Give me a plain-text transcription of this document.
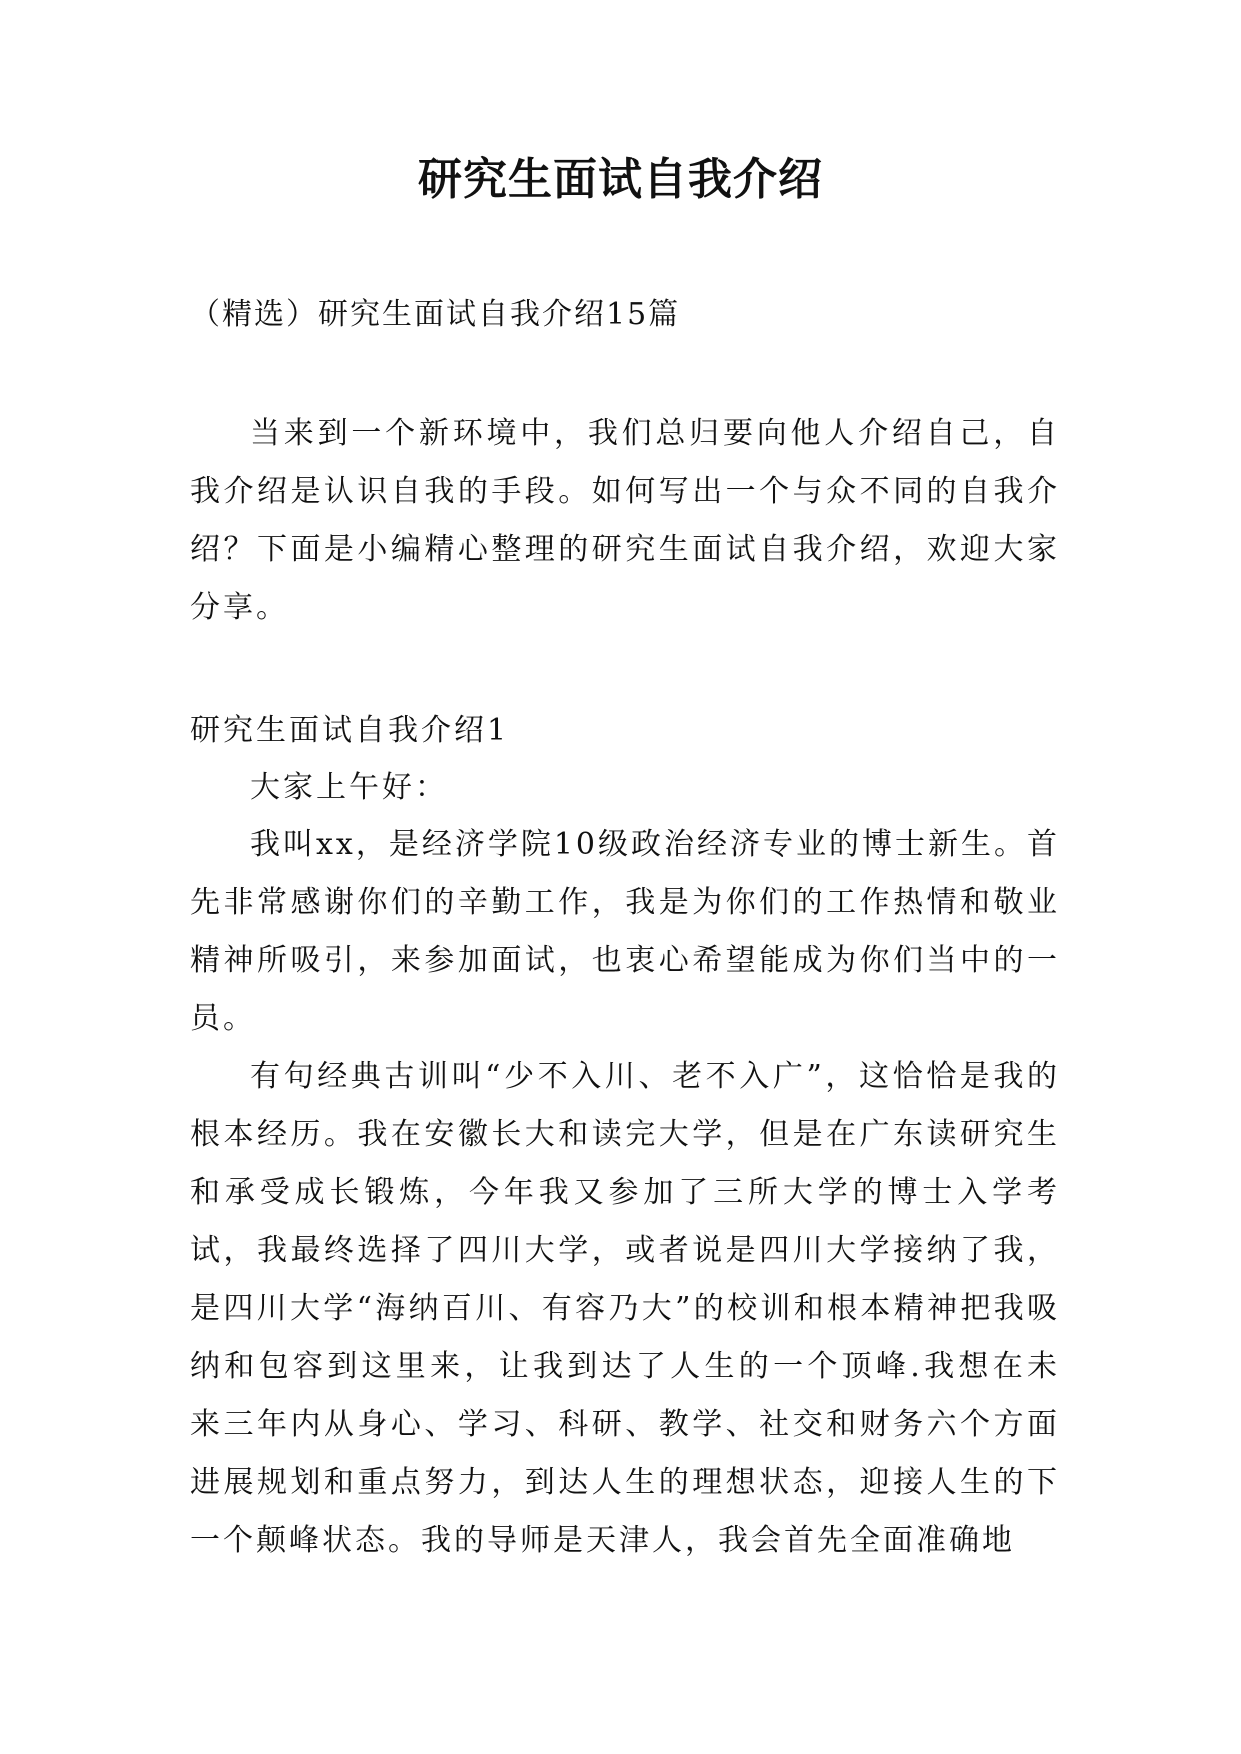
研究生面试自我介绍

（精选）研究生面试自我介绍15篇

当来到一个新环境中，我们总归要向他人介绍自己，自我介绍是认识自我的手段。如何写出一个与众不同的自我介绍？下面是小编精心整理的研究生面试自我介绍，欢迎大家分享。

研究生面试自我介绍1

大家上午好：

我叫xx，是经济学院10级政治经济专业的博士新生。首先非常感谢你们的辛勤工作，我是为你们的工作热情和敬业精神所吸引，来参加面试，也衷心希望能成为你们当中的一员。

有句经典古训叫“少不入川、老不入广”，这恰恰是我的根本经历。我在安徽长大和读完大学，但是在广东读研究生和承受成长锻炼，今年我又参加了三所大学的博士入学考试，我最终选择了四川大学，或者说是四川大学接纳了我，是四川大学“海纳百川、有容乃大”的校训和根本精神把我吸纳和包容到这里来，让我到达了人生的一个顶峰.我想在未来三年内从身心、学习、科研、教学、社交和财务六个方面进展规划和重点努力，到达人生的理想状态，迎接人生的下一个颠峰状态。我的导师是天津人，我会首先全面准确地
